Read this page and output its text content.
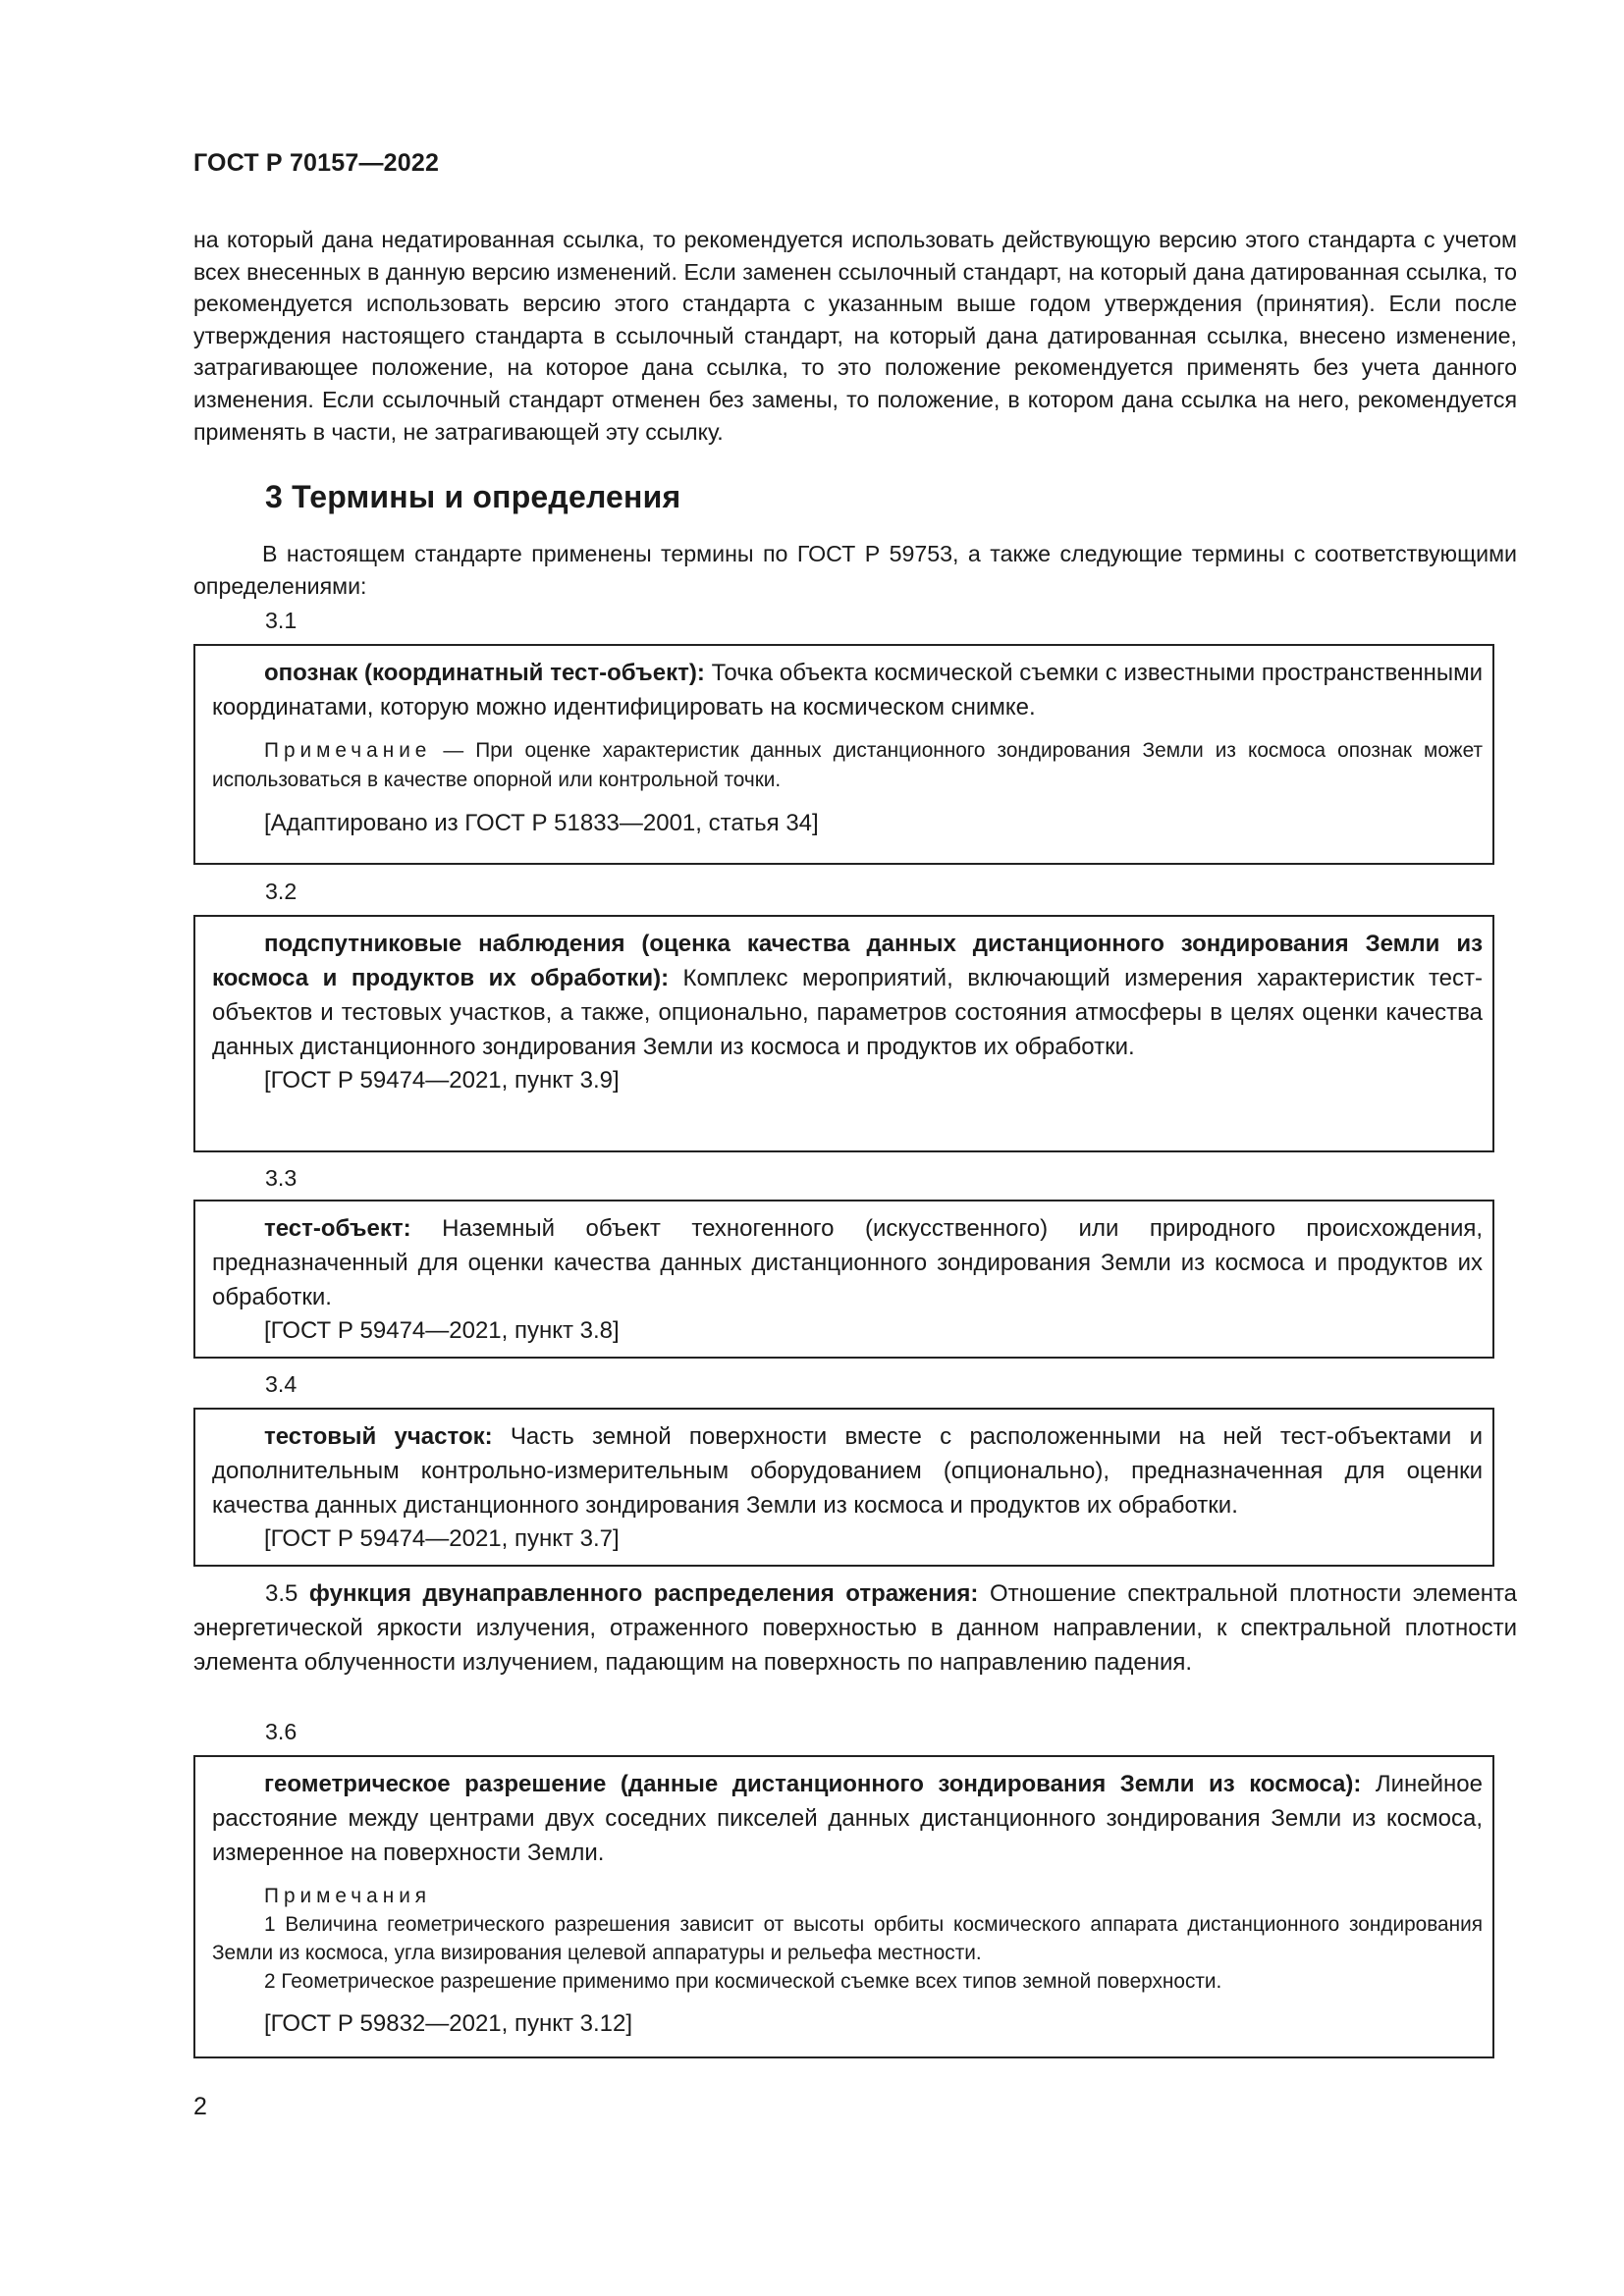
ГОСТ Р 70157—2022

на который дана недатированная ссылка, то рекомендуется использовать действующую версию этого стандарта с учетом всех внесенных в данную версию изменений. Если заменен ссылочный стандарт, на который дана датированная ссылка, то рекомендуется использовать версию этого стандарта с указанным выше годом утверждения (принятия). Если после утверждения настоящего стандарта в ссылочный стандарт, на который дана датированная ссылка, внесено изменение, затрагивающее положение, на которое дана ссылка, то это положение рекомендуется применять без учета данного изменения. Если ссылочный стандарт отменен без замены, то положение, в котором дана ссылка на него, рекомендуется применять в части, не затрагивающей эту ссылку.

3 Термины и определения

В настоящем стандарте применены термины по ГОСТ Р 59753, а также следующие термины с соответствующими определениями:

3.1

опознак (координатный тест-объект): Точка объекта космической съемки с известными пространственными координатами, которую можно идентифицировать на космическом снимке.

Примечание — При оценке характеристик данных дистанционного зондирования Земли из космоса опознак может использоваться в качестве опорной или контрольной точки.

[Адаптировано из ГОСТ Р 51833—2001, статья 34]

3.2

подспутниковые наблюдения (оценка качества данных дистанционного зондирования Земли из космоса и продуктов их обработки): Комплекс мероприятий, включающий измерения характеристик тест-объектов и тестовых участков, а также, опционально, параметров состояния атмосферы в целях оценки качества данных дистанционного зондирования Земли из космоса и продуктов их обработки.

[ГОСТ Р 59474—2021, пункт 3.9]

3.3

тест-объект: Наземный объект техногенного (искусственного) или природного происхождения, предназначенный для оценки качества данных дистанционного зондирования Земли из космоса и продуктов их обработки.

[ГОСТ Р 59474—2021, пункт 3.8]

3.4

тестовый участок: Часть земной поверхности вместе с расположенными на ней тест-объектами и дополнительным контрольно-измерительным оборудованием (опционально), предназначенная для оценки качества данных дистанционного зондирования Земли из космоса и продуктов их обработки.

[ГОСТ Р 59474—2021, пункт 3.7]

3.5 функция двунаправленного распределения отражения: Отношение спектральной плотности элемента энергетической яркости излучения, отраженного поверхностью в данном направлении, к спектральной плотности элемента облученности излучением, падающим на поверхность по направлению падения.

3.6

геометрическое разрешение (данные дистанционного зондирования Земли из космоса): Линейное расстояние между центрами двух соседних пикселей данных дистанционного зондирования Земли из космоса, измеренное на поверхности Земли.

Примечания

1 Величина геометрического разрешения зависит от высоты орбиты космического аппарата дистанционного зондирования Земли из космоса, угла визирования целевой аппаратуры и рельефа местности.

2 Геометрическое разрешение применимо при космической съемке всех типов земной поверхности.

[ГОСТ Р 59832—2021, пункт 3.12]

2
